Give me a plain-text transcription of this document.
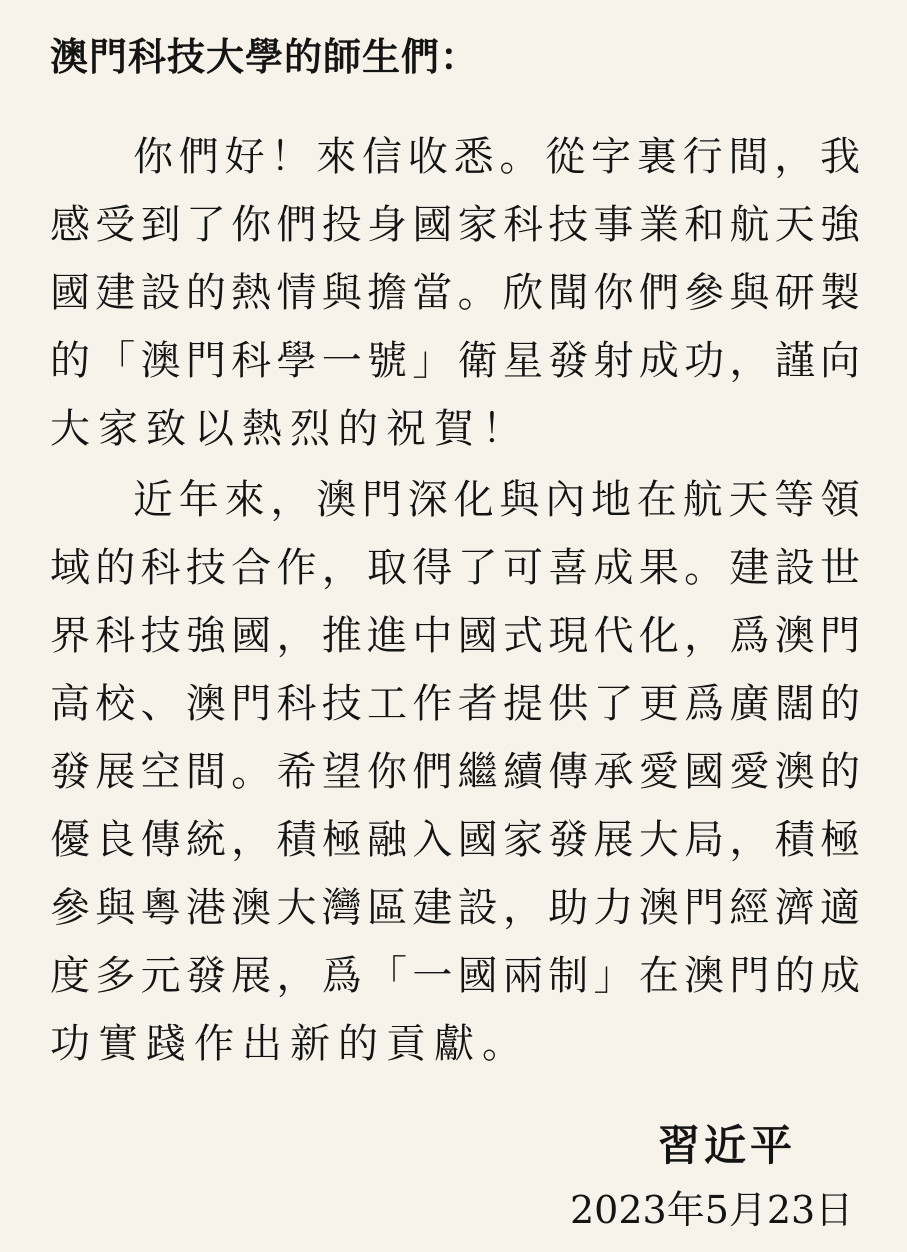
澳門科技大學的師生們：
你們好！來信收悉。從字裏行間，我
感受到了你們投身國家科技事業和航天強
國建設的熱情與擔當。欣聞你們參與研製
的「澳門科學一號」衛星發射成功，謹向
大家致以熱烈的祝賀！
近年來，澳門深化與內地在航天等領
域的科技合作，取得了可喜成果。建設世
界科技強國，推進中國式現代化，爲澳門
高校、澳門科技工作者提供了更爲廣闊的
發展空間。希望你們繼續傳承愛國愛澳的
優良傳統，積極融入國家發展大局，積極
參與粵港澳大灣區建設，助力澳門經濟適
度多元發展，爲「一國兩制」在澳門的成
功實踐作出新的貢獻。
習近平
2023年5月23日
